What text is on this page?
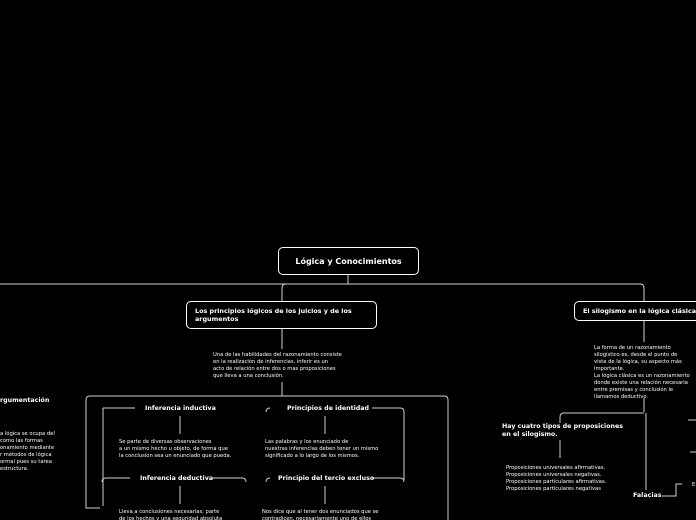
Lógica y Conocimientos
Los principios lógicos de los juicios y de los argumentos
Una de las habilidades del razonamiento consiste
en la realización de inferencias, inferir es un
acto de relación entre dos o mas proposiciones
que lleva a una conclusión.
Inferencia inductiva
Se parte de diversas observaciones
a un mismo hecho u objeto, de forma que
la conclusión sea un enunciado que pueda.
Principios de identidad
Las palabras y los enunciado de
nuestras inferencias deben tener un mismo
significado a lo largo de los mismos.
Inferencia deductiva
Lleva a conclusiones necesarias; parte
de los hechos y una seguridad absoluta
Principio del tercio excluso
Nos dice que al tener dos enunciados que se
contradicen, necesariamente uno de ellos
rgumentación
a lógica se ocupa del
como las formas
onamiento mediante
r métodos de lógica
ormal pues su tarea
estructura.
El silogismo en la lógica clásica
La forma de un razonamiento
silogístico es, desde el punto de
vista de la lógica, su aspecto más
importante.
La lógica clásica es un razonamiento
donde existe una relación necesaria
entre premisas y conclusión le
llamamos deductivo.
Hay cuatro tipos de proposiciones
en el silogismo.
Proposiciones universales afirmativas.
Proposiciones universales negativas.
Proposiciones particulares afirmativas.
Proposiciones particulares negativas
Falacias
E
